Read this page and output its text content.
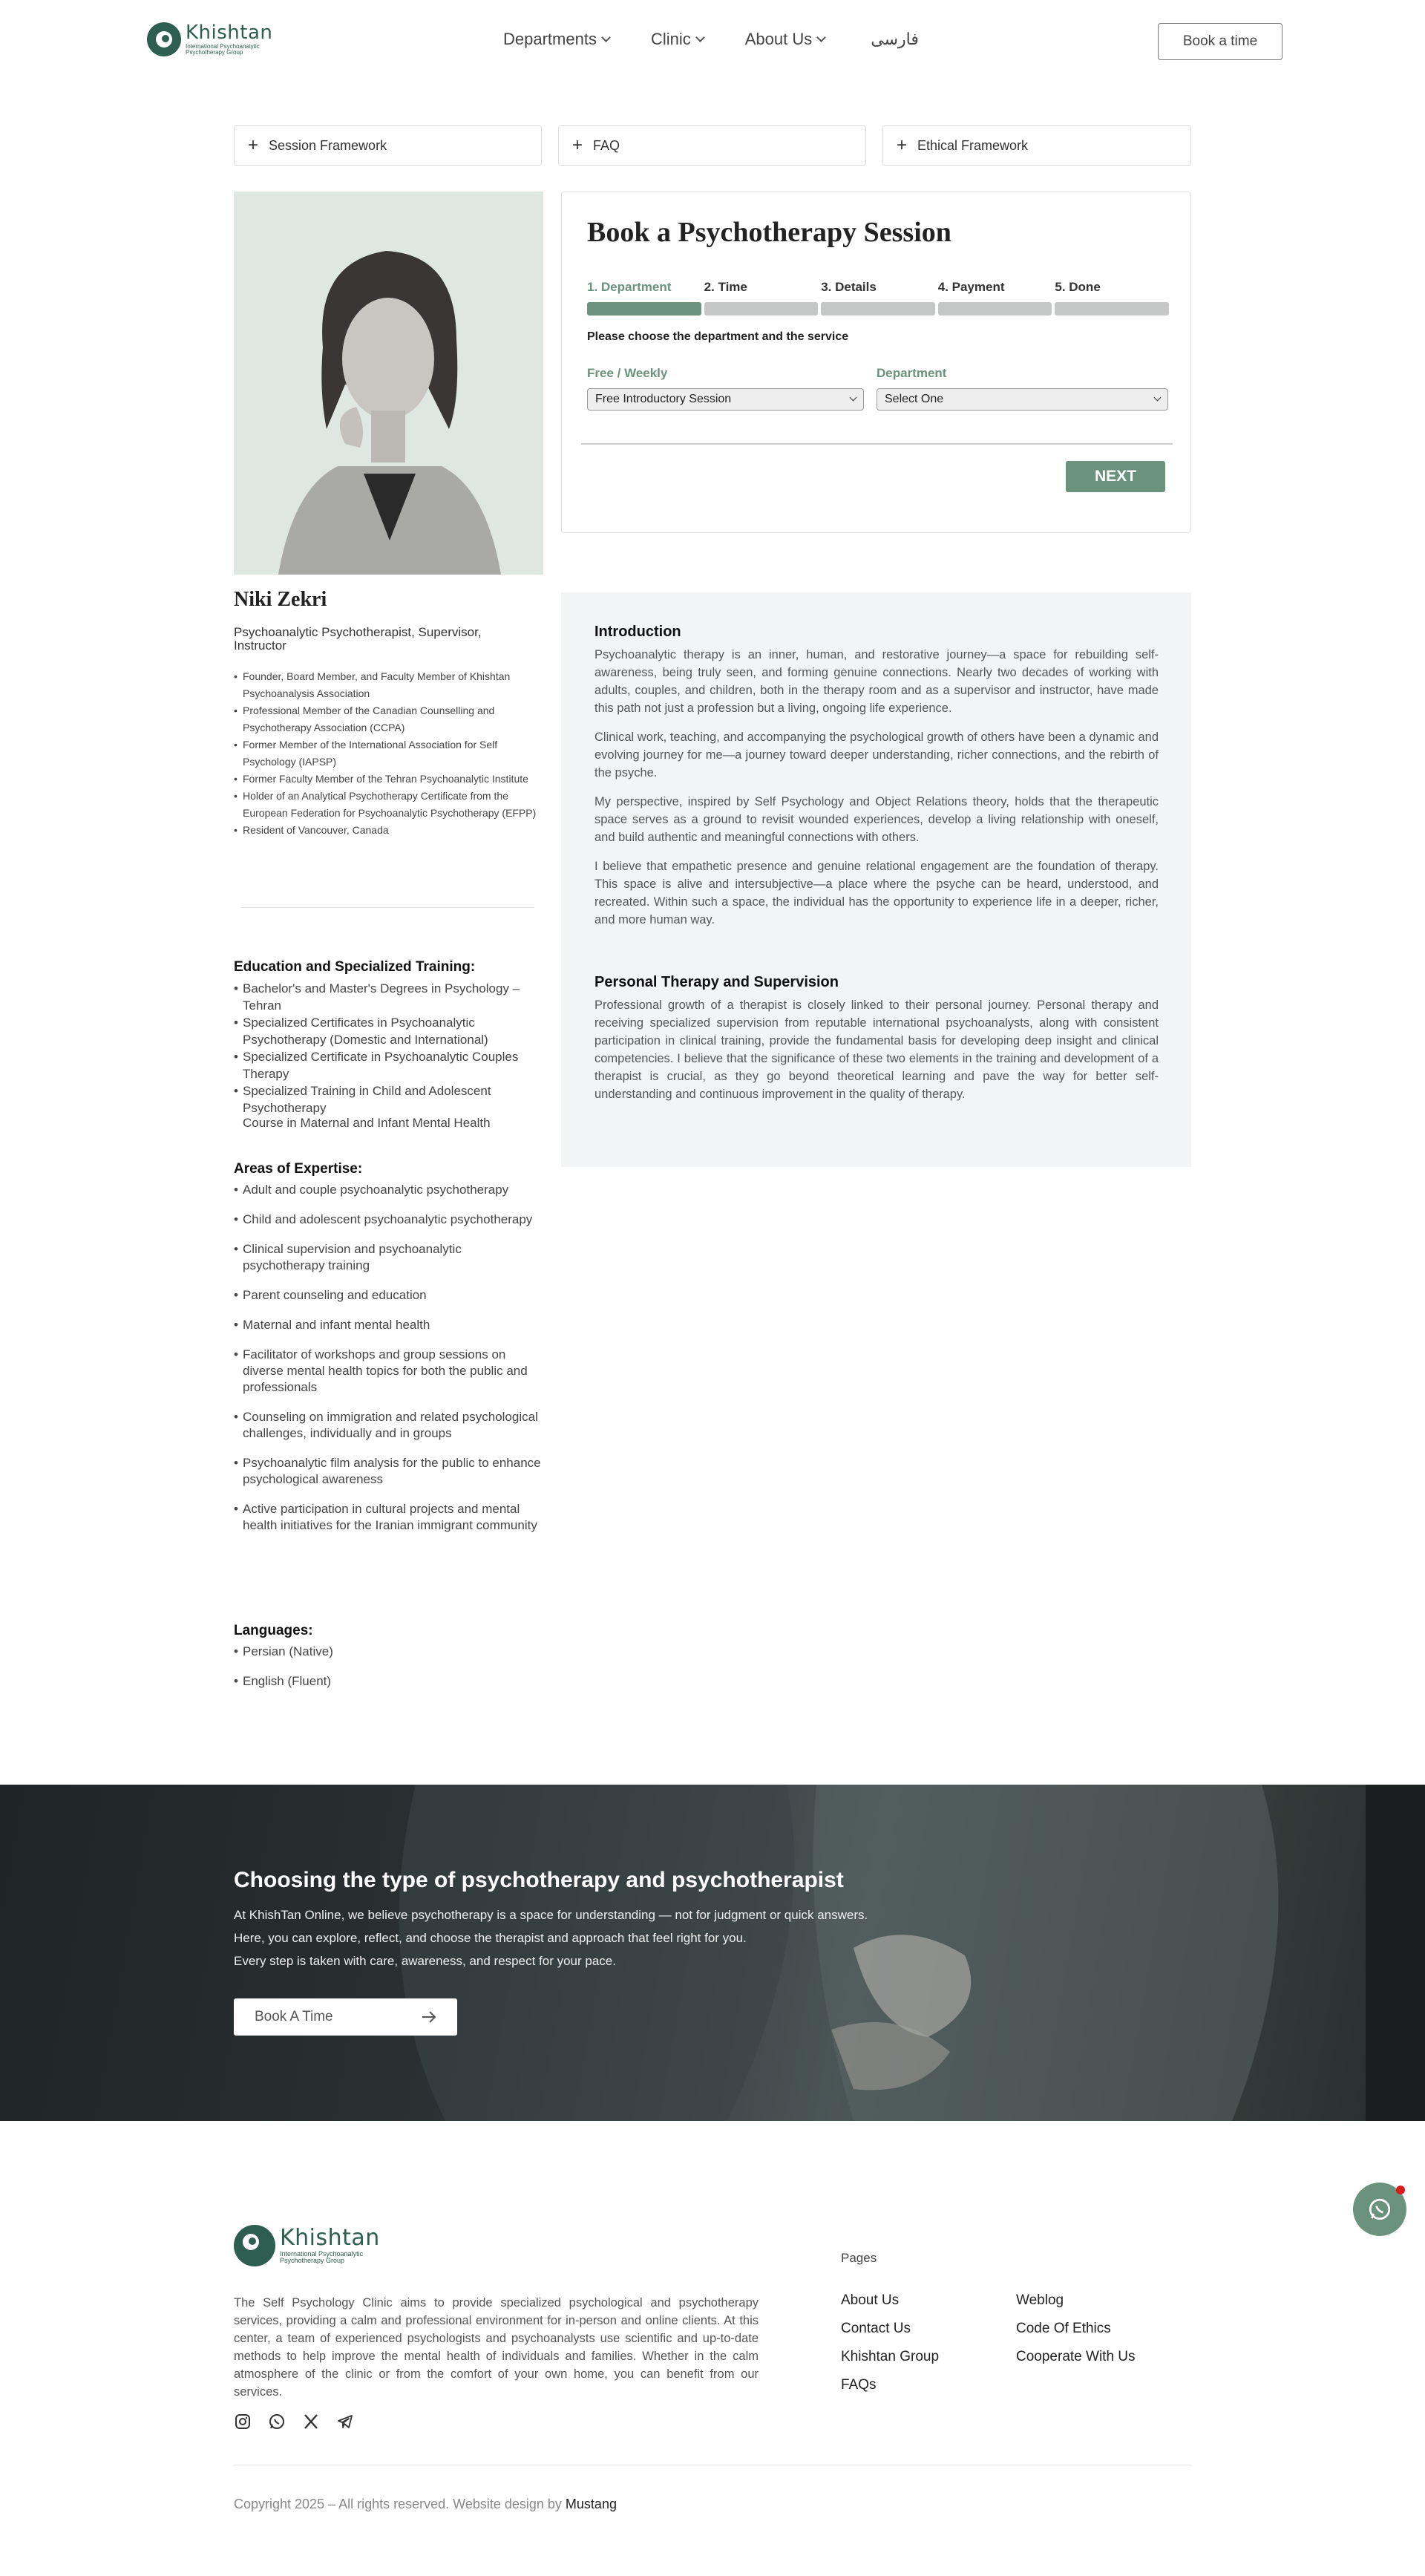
Khishtan
International Psychoanalytic
Psychotherapy Group
Departments	Clinic	About Us	فارسی	Book a time
+ Session Framework	+ FAQ	+ Ethical Framework
Book a Psychotherapy Session
1. Department	2. Time	3. Details	4. Payment	5. Done
Please choose the department and the service
Free / Weekly
Free Introductory Session
Department
Select One
NEXT
Niki Zekri
Psychoanalytic Psychotherapist, Supervisor, Instructor
• Founder, Board Member, and Faculty Member of Khishtan Psychoanalysis Association
• Professional Member of the Canadian Counselling and Psychotherapy Association (CCPA)
• Former Member of the International Association for Self Psychology (IAPSP)
• Former Faculty Member of the Tehran Psychoanalytic Institute
• Holder of an Analytical Psychotherapy Certificate from the European Federation for Psychoanalytic Psychotherapy (EFPP)
• Resident of Vancouver, Canada
Education and Specialized Training:
• Bachelor's and Master's Degrees in Psychology – Tehran
• Specialized Certificates in Psychoanalytic Psychotherapy (Domestic and International)
• Specialized Certificate in Psychoanalytic Couples Therapy
• Specialized Training in Child and Adolescent Psychotherapy
Course in Maternal and Infant Mental Health
Areas of Expertise:
• Adult and couple psychoanalytic psychotherapy
• Child and adolescent psychoanalytic psychotherapy
• Clinical supervision and psychoanalytic psychotherapy training
• Parent counseling and education
• Maternal and infant mental health
• Facilitator of workshops and group sessions on diverse mental health topics for both the public and professionals
• Counseling on immigration and related psychological challenges, individually and in groups
• Psychoanalytic film analysis for the public to enhance psychological awareness
• Active participation in cultural projects and mental health initiatives for the Iranian immigrant community
Languages:
• Persian (Native)
• English (Fluent)
Introduction

Psychoanalytic therapy is an inner, human, and restorative journey—a space for rebuilding self-awareness, being truly seen, and forming genuine connections. Nearly two decades of working with adults, couples, and children, both in the therapy room and as a supervisor and instructor, have made this path not just a profession but a living, ongoing life experience.

Clinical work, teaching, and accompanying the psychological growth of others have been a dynamic and evolving journey for me—a journey toward deeper understanding, richer connections, and the rebirth of the psyche.

My perspective, inspired by Self Psychology and Object Relations theory, holds that the therapeutic space serves as a ground to revisit wounded experiences, develop a living relationship with oneself, and build authentic and meaningful connections with others.

I believe that empathetic presence and genuine relational engagement are the foundation of therapy. This space is alive and intersubjective—a place where the psyche can be heard, understood, and recreated. Within such a space, the individual has the opportunity to experience life in a deeper, richer, and more human way.

Personal Therapy and Supervision

Professional growth of a therapist is closely linked to their personal journey. Personal therapy and receiving specialized supervision from reputable international psychoanalysts, along with consistent participation in clinical training, provide the fundamental basis for developing deep insight and clinical competencies. I believe that the significance of these two elements in the training and development of a therapist is crucial, as they go beyond theoretical learning and pave the way for better self-understanding and continuous improvement in the quality of therapy.

Choosing the type of psychotherapy and psychotherapist

At KhishTan Online, we believe psychotherapy is a space for understanding — not for judgment or quick answers.

Here, you can explore, reflect, and choose the therapist and approach that feel right for you.

Every step is taken with care, awareness, and respect for your pace.

Book A Time
Khishtan
International Psychoanalytic
Psychotherapy Group

The Self Psychology Clinic aims to provide specialized psychological and psychotherapy services, providing a calm and professional environment for in-person and online clients. At this center, a team of experienced psychologists and psychoanalysts use scientific and up-to-date methods to help improve the mental health of individuals and families. Whether in the calm atmosphere of the clinic or from the comfort of your own home, you can benefit from our services.

Pages
About Us
Contact Us
Khishtan Group
FAQs
Weblog
Code Of Ethics
Cooperate With Us
Copyright 2025 – All rights reserved. Website design by Mustang
